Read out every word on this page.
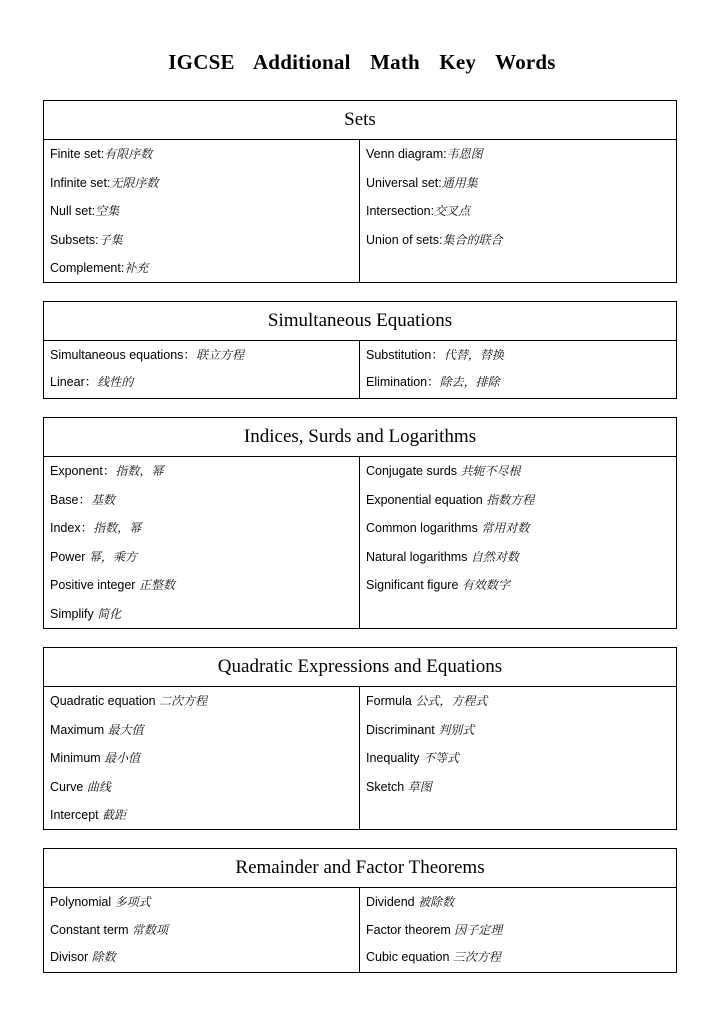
IGCSE Additional Math Key Words
Sets
Finite set:有限序数
Infinite set:无限序数
Null set:空集
Subsets:子集
Complement:补充
Venn diagram:韦恩图
Universal set:通用集
Intersection:交叉点
Union of sets:集合的联合
Simultaneous Equations
Simultaneous equations：联立方程
Linear：线性的
Substitution：代替，替换
Elimination：除去，排除
Indices, Surds and Logarithms
Exponent：指数，幂
Base：基数
Index：指数，幂
Power 幂，乘方
Positive integer 正整数
Simplify 简化
Conjugate surds 共轭不尽根
Exponential equation 指数方程
Common logarithms 常用对数
Natural logarithms 自然对数
Significant figure 有效数字
Quadratic Expressions and Equations
Quadratic equation 二次方程
Maximum 最大值
Minimum 最小值
Curve 曲线
Intercept 截距
Formula 公式，方程式
Discriminant 判别式
Inequality 不等式
Sketch 草图
Remainder and Factor Theorems
Polynomial 多项式
Constant term 常数项
Divisor 除数
Dividend 被除数
Factor theorem 因子定理
Cubic equation 三次方程
